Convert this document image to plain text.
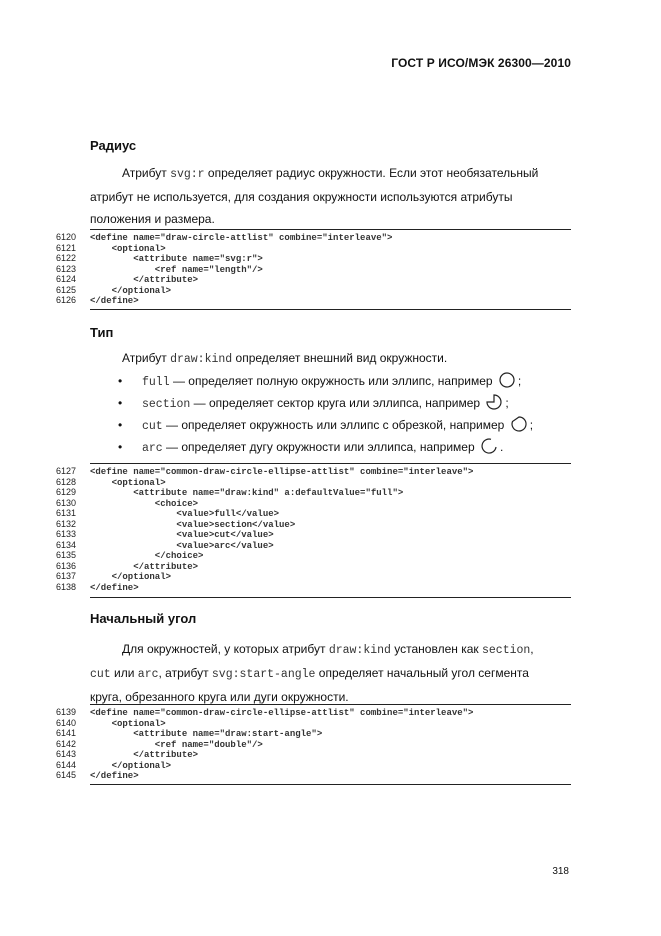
ГОСТ Р ИСО/МЭК 26300—2010
Радиус
Атрибут svg:r определяет радиус окружности. Если этот необязательный
атрибут не используется, для создания окружности используются атрибуты
положения и размера.
6120 <define name="draw-circle-attlist" combine="interleave">
6121    <optional>
6122        <attribute name="svg:r">
6123            <ref name="length"/>
6124        </attribute>
6125    </optional>
6126 </define>
Тип
Атрибут draw:kind определяет внешний вид окружности.
• full — определяет полную окружность или эллипс, например ;
• section — определяет сектор круга или эллипса, например ;
• cut — определяет окружность или эллипс с обрезкой, например ;
• arc — определяет дугу окружности или эллипса, например .
6127 <define name="common-draw-circle-ellipse-attlist" combine="interleave">
6128    <optional>
6129        <attribute name="draw:kind" a:defaultValue="full">
6130            <choice>
6131                <value>full</value>
6132                <value>section</value>
6133                <value>cut</value>
6134                <value>arc</value>
6135            </choice>
6136        </attribute>
6137    </optional>
6138 </define>
Начальный угол
Для окружностей, у которых атрибут draw:kind установлен как section,
cut или arc, атрибут svg:start-angle определяет начальный угол сегмента
круга, обрезанного круга или дуги окружности.
6139 <define name="common-draw-circle-ellipse-attlist" combine="interleave">
6140    <optional>
6141        <attribute name="draw:start-angle">
6142            <ref name="double"/>
6143        </attribute>
6144    </optional>
6145 </define>
318
